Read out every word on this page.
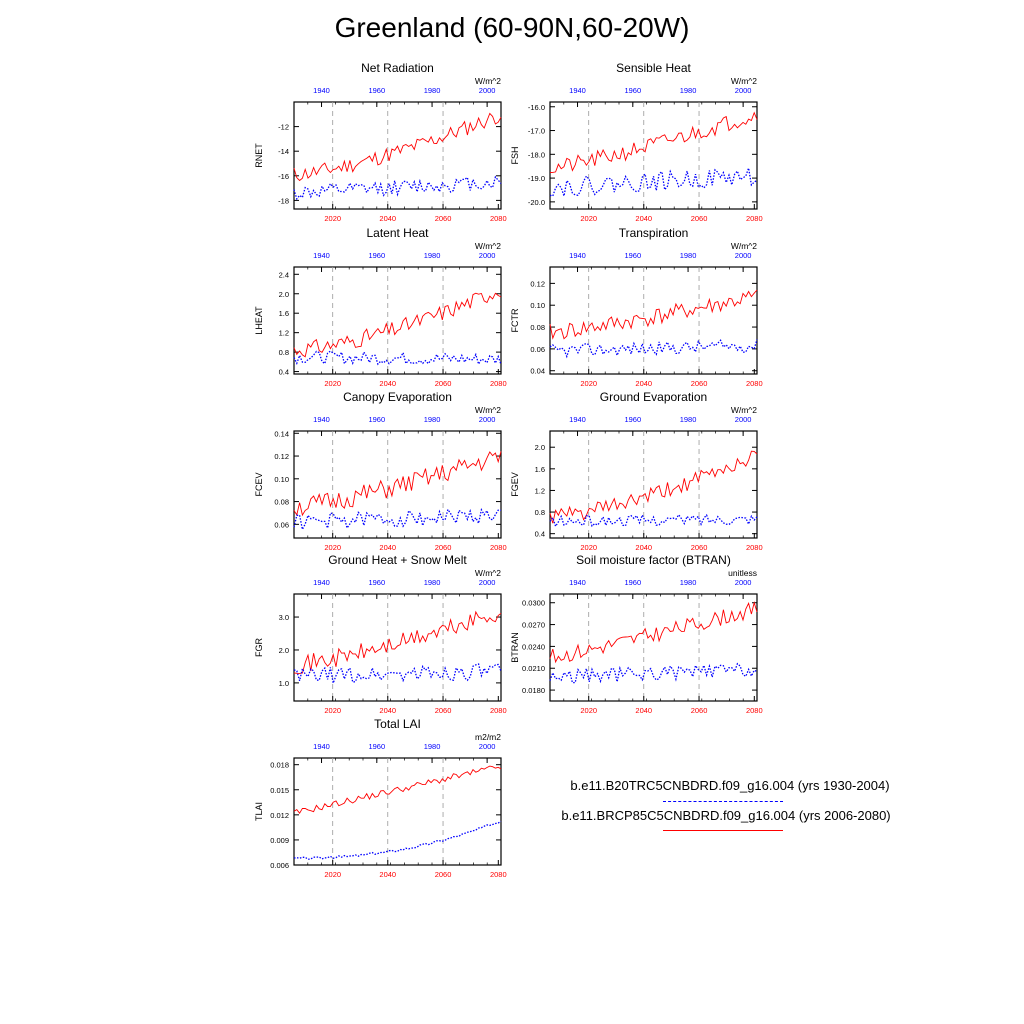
Greenland (60-90N,60-20W)
Net Radiation
W/m^2
1940	1960	1980	2000
2020	2040	2060	2080
-12
-14
-16
-18
RNET
Sensible Heat
W/m^2
1940	1960	1980	2000
2020	2040	2060	2080
-16.0
-17.0
-18.0
-19.0
-20.0
FSH
Latent Heat
W/m^2
1940	1960	1980	2000
2020	2040	2060	2080
0.4
0.8
1.2
1.6
2.0
2.4
LHEAT
Transpiration
W/m^2
1940	1960	1980	2000
2020	2040	2060	2080
0.04
0.06
0.08
0.10
0.12
FCTR
Canopy Evaporation
W/m^2
1940	1960	1980	2000
2020	2040	2060	2080
0.06
0.08
0.10
0.12
0.14
FCEV
Ground Evaporation
W/m^2
1940	1960	1980	2000
2020	2040	2060	2080
0.4
0.8
1.2
1.6
2.0
FGEV
Ground Heat + Snow Melt
W/m^2
1940	1960	1980	2000
2020	2040	2060	2080
1.0
2.0
3.0
FGR
Soil moisture factor (BTRAN)
unitless
1940	1960	1980	2000
2020	2040	2060	2080
0.0180
0.0210
0.0240
0.0270
0.0300
BTRAN
Total LAI
m2/m2
1940	1960	1980	2000
2020	2040	2060	2080
0.006
0.009
0.012
0.015
0.018
TLAI
b.e11.B20TRC5CNBDRD.f09_g16.004 (yrs 1930-2004)
b.e11.BRCP85C5CNBDRD.f09_g16.004 (yrs 2006-2080)
